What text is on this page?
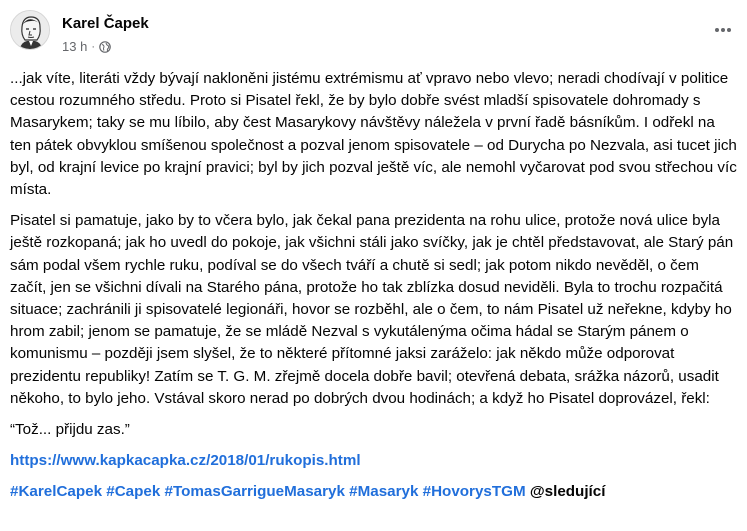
Karel Čapek
13 h ·

...jak víte, literáti vždy bývají nakloněni jistému extrémismu ať vpravo nebo vlevo; neradi chodívají v politice cestou rozumného středu. Proto si Pisatel řekl, že by bylo dobře svést mladší spisovatele dohromady s Masarykem; taky se mu líbilo, aby čest Masarykovy návštěvy náležela v první řadě básníkům. I odřekl na ten pátek obvyklou smíšenou společnost a pozval jenom spisovatele – od Durycha po Nezvala, asi tucet jich byl, od krajní levice po krajní pravici; byl by jich pozval ještě víc, ale nemohl vyčarovat pod svou střechou víc místa.

Pisatel si pamatuje, jako by to včera bylo, jak čekal pana prezidenta na rohu ulice, protože nová ulice byla ještě rozkopaná; jak ho uvedl do pokoje, jak všichni stáli jako svíčky, jak je chtěl představovat, ale Starý pán sám podal všem rychle ruku, podíval se do všech tváří a chutě si sedl; jak potom nikdo nevěděl, o čem začít, jen se všichni dívali na Starého pána, protože ho tak zblízka dosud neviděli. Byla to trochu rozpačitá situace; zachránili ji spisovatelé legionáři, hovor se rozběhl, ale o čem, to nám Pisatel už neřekne, kdyby ho hrom zabil; jenom se pamatuje, že se mládě Nezval s vykutálenýma očima hádal se Starým pánem o komunismu – později jsem slyšel, že to některé přítomné jaksi zaráželo: jak někdo může odporovat prezidentu republiky! Zatím se T. G. M. zřejmě docela dobře bavil; otevřená debata, srážka názorů, usadit někoho, to bylo jeho. Vstával skoro nerad po dobrých dvou hodinách; a když ho Pisatel doprovázel, řekl:

“Tož... přijdu zas.”

https://www.kapkacapka.cz/2018/01/rukopis.html

#KarelCapek #Capek #TomasGarrigueMasaryk #Masaryk #HovorysTGM @sledující
